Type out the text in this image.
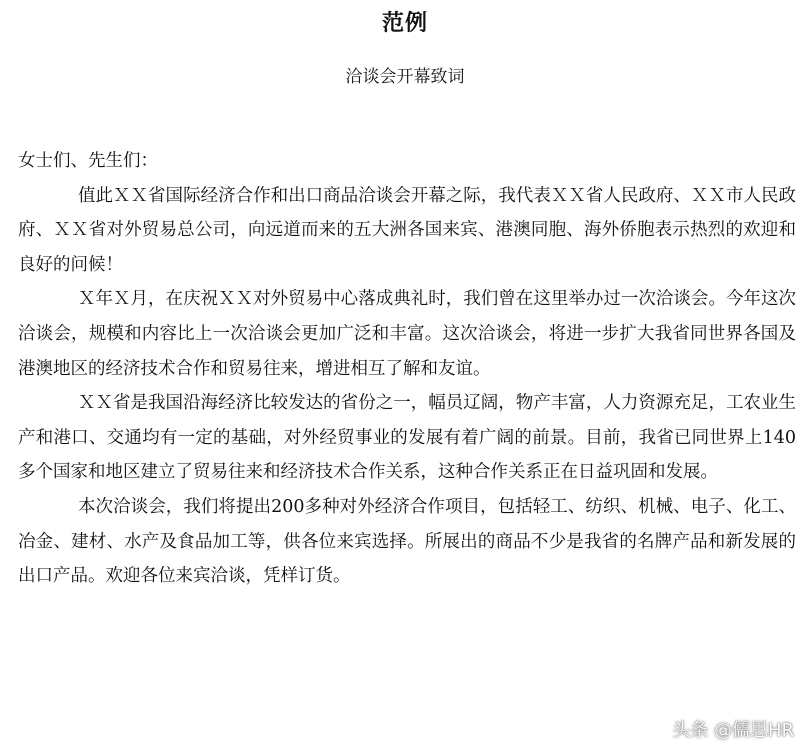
范例
洽谈会开幕致词

女士们、先生们：

值此ＸＸ省国际经济合作和出口商品洽谈会开幕之际，我代表ＸＸ省人民政府、ＸＸ市人民政府、ＸＸ省对外贸易总公司，向远道而来的五大洲各国来宾、港澳同胞、海外侨胞表示热烈的欢迎和良好的问候！

Ｘ年Ｘ月，在庆祝ＸＸ对外贸易中心落成典礼时，我们曾在这里举办过一次洽谈会。今年这次洽谈会，规模和内容比上一次洽谈会更加广泛和丰富。这次洽谈会，将进一步扩大我省同世界各国及港澳地区的经济技术合作和贸易往来，增进相互了解和友谊。

ＸＸ省是我国沿海经济比较发达的省份之一，幅员辽阔，物产丰富，人力资源充足，工农业生产和港口、交通均有一定的基础，对外经贸事业的发展有着广阔的前景。目前，我省已同世界上140多个国家和地区建立了贸易往来和经济技术合作关系，这种合作关系正在日益巩固和发展。

本次洽谈会，我们将提出200多种对外经济合作项目，包括轻工、纺织、机械、电子、化工、冶金、建材、水产及食品加工等，供各位来宾选择。所展出的商品不少是我省的名牌产品和新发展的出口产品。欢迎各位来宾洽谈，凭样订货。

头条 @儒思HR
